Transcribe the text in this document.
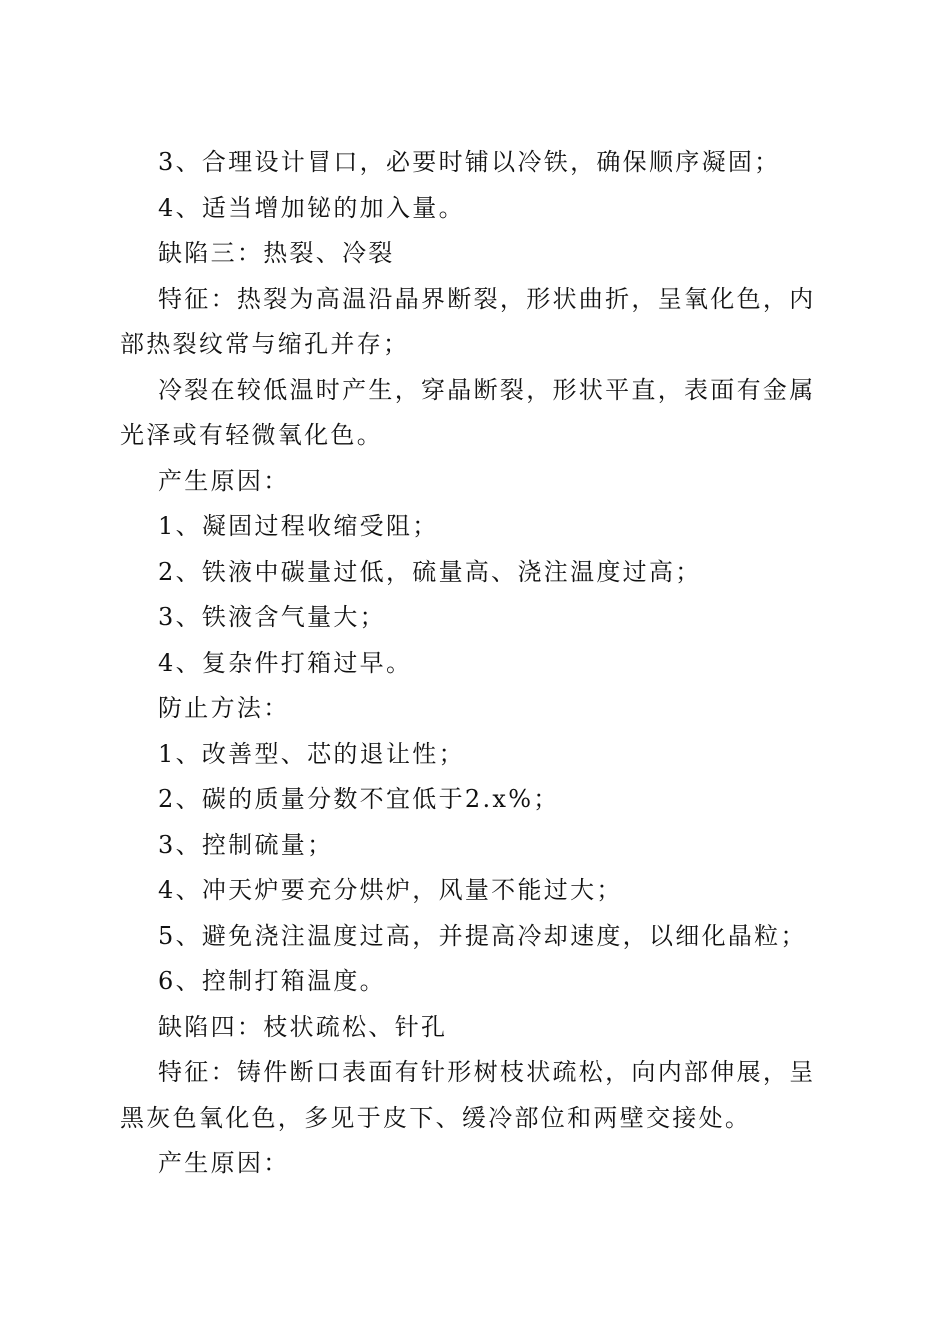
3、合理设计冒口，必要时铺以冷铁，确保顺序凝固；

4、适当增加铋的加入量。

缺陷三：热裂、冷裂

特征：热裂为高温沿晶界断裂，形状曲折，呈氧化色，内部热裂纹常与缩孔并存；

冷裂在较低温时产生，穿晶断裂，形状平直，表面有金属光泽或有轻微氧化色。

产生原因：

1、凝固过程收缩受阻；

2、铁液中碳量过低，硫量高、浇注温度过高；

3、铁液含气量大；

4、复杂件打箱过早。

防止方法：

1、改善型、芯的退让性；

2、碳的质量分数不宜低于2.x%；

3、控制硫量；

4、冲天炉要充分烘炉，风量不能过大；

5、避免浇注温度过高，并提高冷却速度，以细化晶粒；

6、控制打箱温度。

缺陷四：枝状疏松、针孔

特征：铸件断口表面有针形树枝状疏松，向内部伸展，呈黑灰色氧化色，多见于皮下、缓冷部位和两壁交接处。

产生原因：
